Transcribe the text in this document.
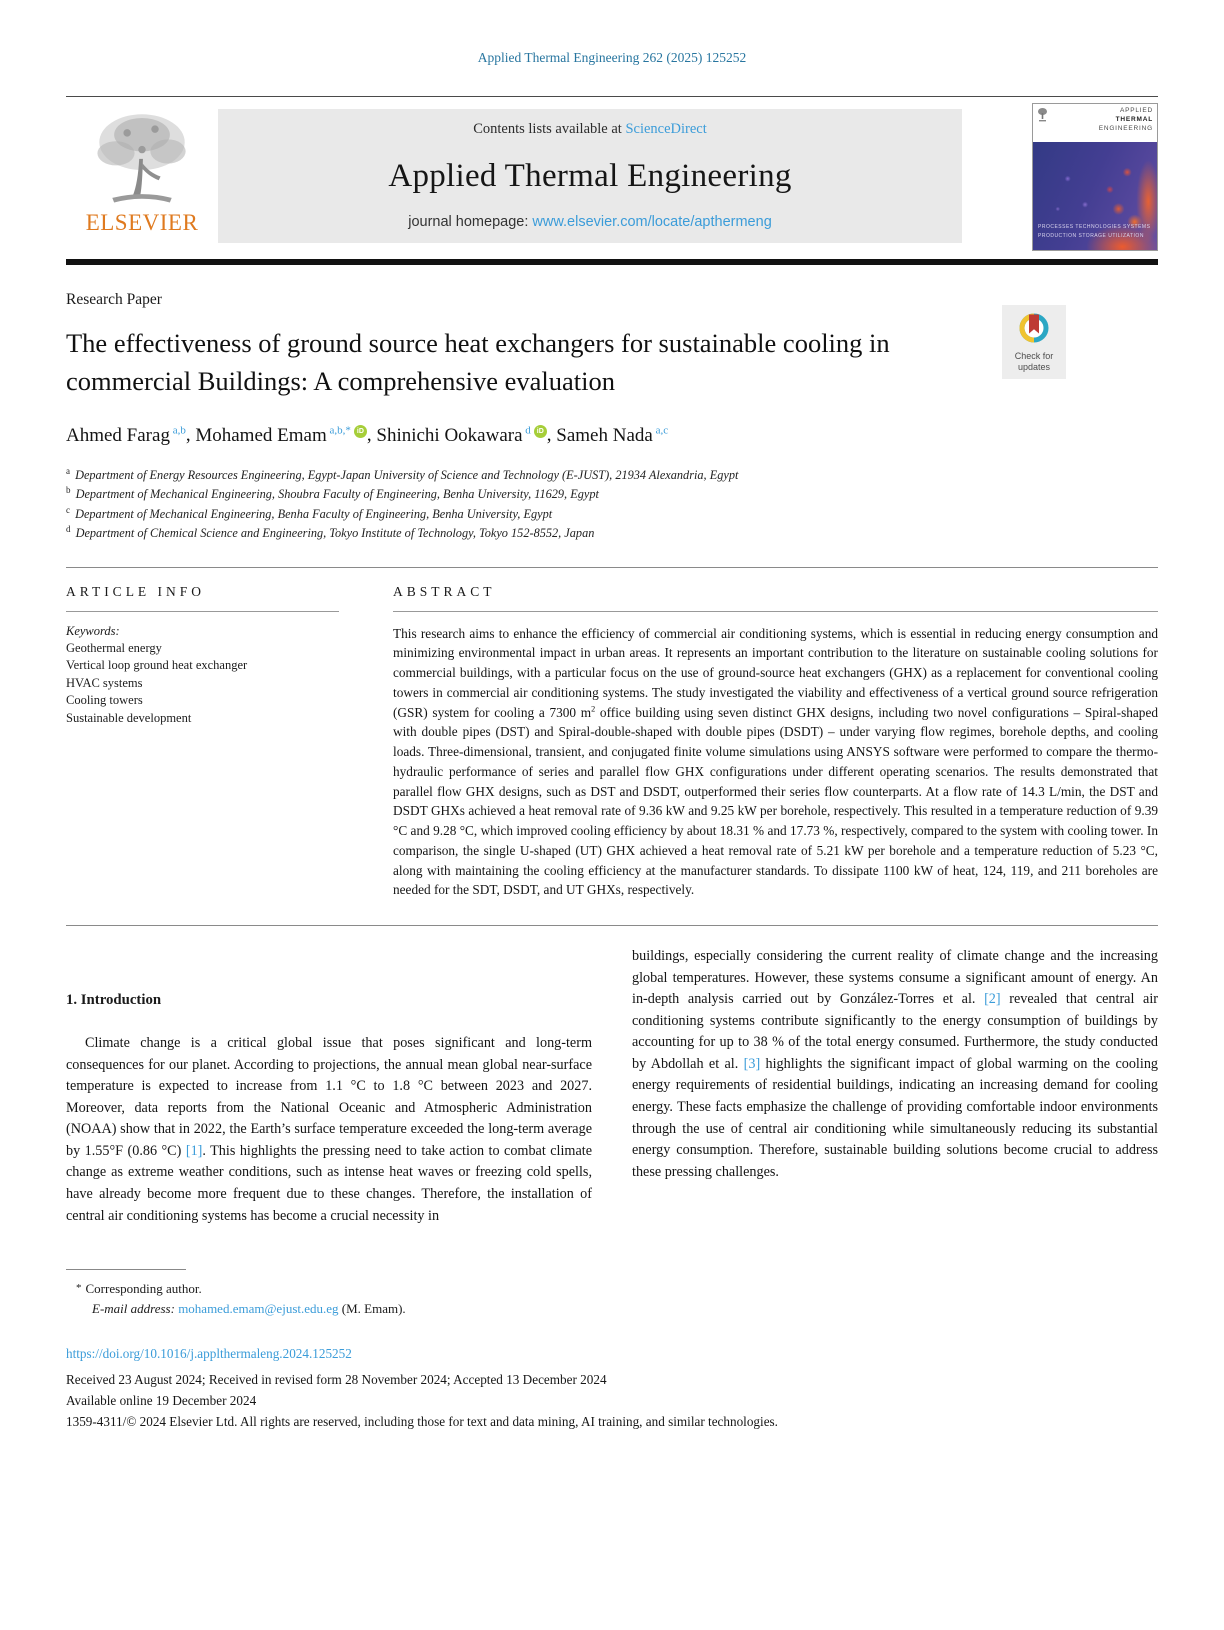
Applied Thermal Engineering 262 (2025) 125252
ELSEVIER
Contents lists available at ScienceDirect
Applied Thermal Engineering
journal homepage: www.elsevier.com/locate/apthermeng
APPLIED
THERMAL
ENGINEERING
PROCESSES TECHNOLOGIES SYSTEMS
PRODUCTION STORAGE UTILIZATION
Research Paper
The effectiveness of ground source heat exchangers for sustainable cooling in commercial Buildings: A comprehensive evaluation
Check for
updates
Ahmed Farag $^{a,b}$, Mohamed Emam $^{a,b,*}$ iD , Shinichi Ookawara $^d$ iD , Sameh Nada $^{a,c}$
$^a$ Department of Energy Resources Engineering, Egypt-Japan University of Science and Technology (E-JUST), 21934 Alexandria, Egypt
$^b$ Department of Mechanical Engineering, Shoubra Faculty of Engineering, Benha University, 11629, Egypt
$^c$ Department of Mechanical Engineering, Benha Faculty of Engineering, Benha University, Egypt
$^d$ Department of Chemical Science and Engineering, Tokyo Institute of Technology, Tokyo 152-8552, Japan
ARTICLE INFO
Keywords:
Geothermal energy
Vertical loop ground heat exchanger
HVAC systems
Cooling towers
Sustainable development
ABSTRACT
This research aims to enhance the efficiency of commercial air conditioning systems, which is essential in reducing energy consumption and minimizing environmental impact in urban areas. It represents an important contribution to the literature on sustainable cooling solutions for commercial buildings, with a particular focus on the use of ground-source heat exchangers (GHX) as a replacement for conventional cooling towers in commercial air conditioning systems. The study investigated the viability and effectiveness of a vertical ground source refrigeration (GSR) system for cooling a 7300 $m^2$ office building using seven distinct GHX designs, including two novel configurations – Spiral-shaped with double pipes (DST) and Spiral-double-shaped with double pipes (DSDT) – under varying flow regimes, borehole depths, and cooling loads. Three-dimensional, transient, and conjugated finite volume simulations using ANSYS software were performed to compare the thermo-hydraulic performance of series and parallel flow GHX configurations under different operating scenarios. The results demonstrated that parallel flow GHX designs, such as DST and DSDT, outperformed their series flow counterparts. At a flow rate of 14.3 L/min, the DST and DSDT GHXs achieved a heat removal rate of 9.36 kW and 9.25 kW per borehole, respectively. This resulted in a temperature reduction of 9.39 °C and 9.28 °C, which improved cooling efficiency by about 18.31 % and 17.73 %, respectively, compared to the system with cooling tower. In comparison, the single U-shaped (UT) GHX achieved a heat removal rate of 5.21 kW per borehole and a temperature reduction of 5.23 °C, along with maintaining the cooling efficiency at the manufacturer standards. To dissipate 1100 kW of heat, 124, 119, and 211 boreholes are needed for the SDT, DSDT, and UT GHXs, respectively.
1. Introduction
Climate change is a critical global issue that poses significant and long-term consequences for our planet. According to projections, the annual mean global near-surface temperature is expected to increase from 1.1 °C to 1.8 °C between 2023 and 2027. Moreover, data reports from the National Oceanic and Atmospheric Administration (NOAA) show that in 2022, the Earth’s surface temperature exceeded the long-term average by 1.55°F (0.86 °C) [1]. This highlights the pressing need to take action to combat climate change as extreme weather conditions, such as intense heat waves or freezing cold spells, have already become more frequent due to these changes. Therefore, the installation of central air conditioning systems has become a crucial necessity in
buildings, especially considering the current reality of climate change and the increasing global temperatures. However, these systems consume a significant amount of energy. An in-depth analysis carried out by González-Torres et al. [2] revealed that central air conditioning systems contribute significantly to the energy consumption of buildings by accounting for up to 38 % of the total energy consumed. Furthermore, the study conducted by Abdollah et al. [3] highlights the significant impact of global warming on the cooling energy requirements of residential buildings, indicating an increasing demand for cooling energy. These facts emphasize the challenge of providing comfortable indoor environments through the use of central air conditioning while simultaneously reducing its substantial energy consumption. Therefore, sustainable building solutions become crucial to address these pressing challenges.
* Corresponding author.
E-mail address: mohamed.emam@ejust.edu.eg (M. Emam).
https://doi.org/10.1016/j.applthermaleng.2024.125252
Received 23 August 2024; Received in revised form 28 November 2024; Accepted 13 December 2024
Available online 19 December 2024
1359-4311/© 2024 Elsevier Ltd. All rights are reserved, including those for text and data mining, AI training, and similar technologies.
